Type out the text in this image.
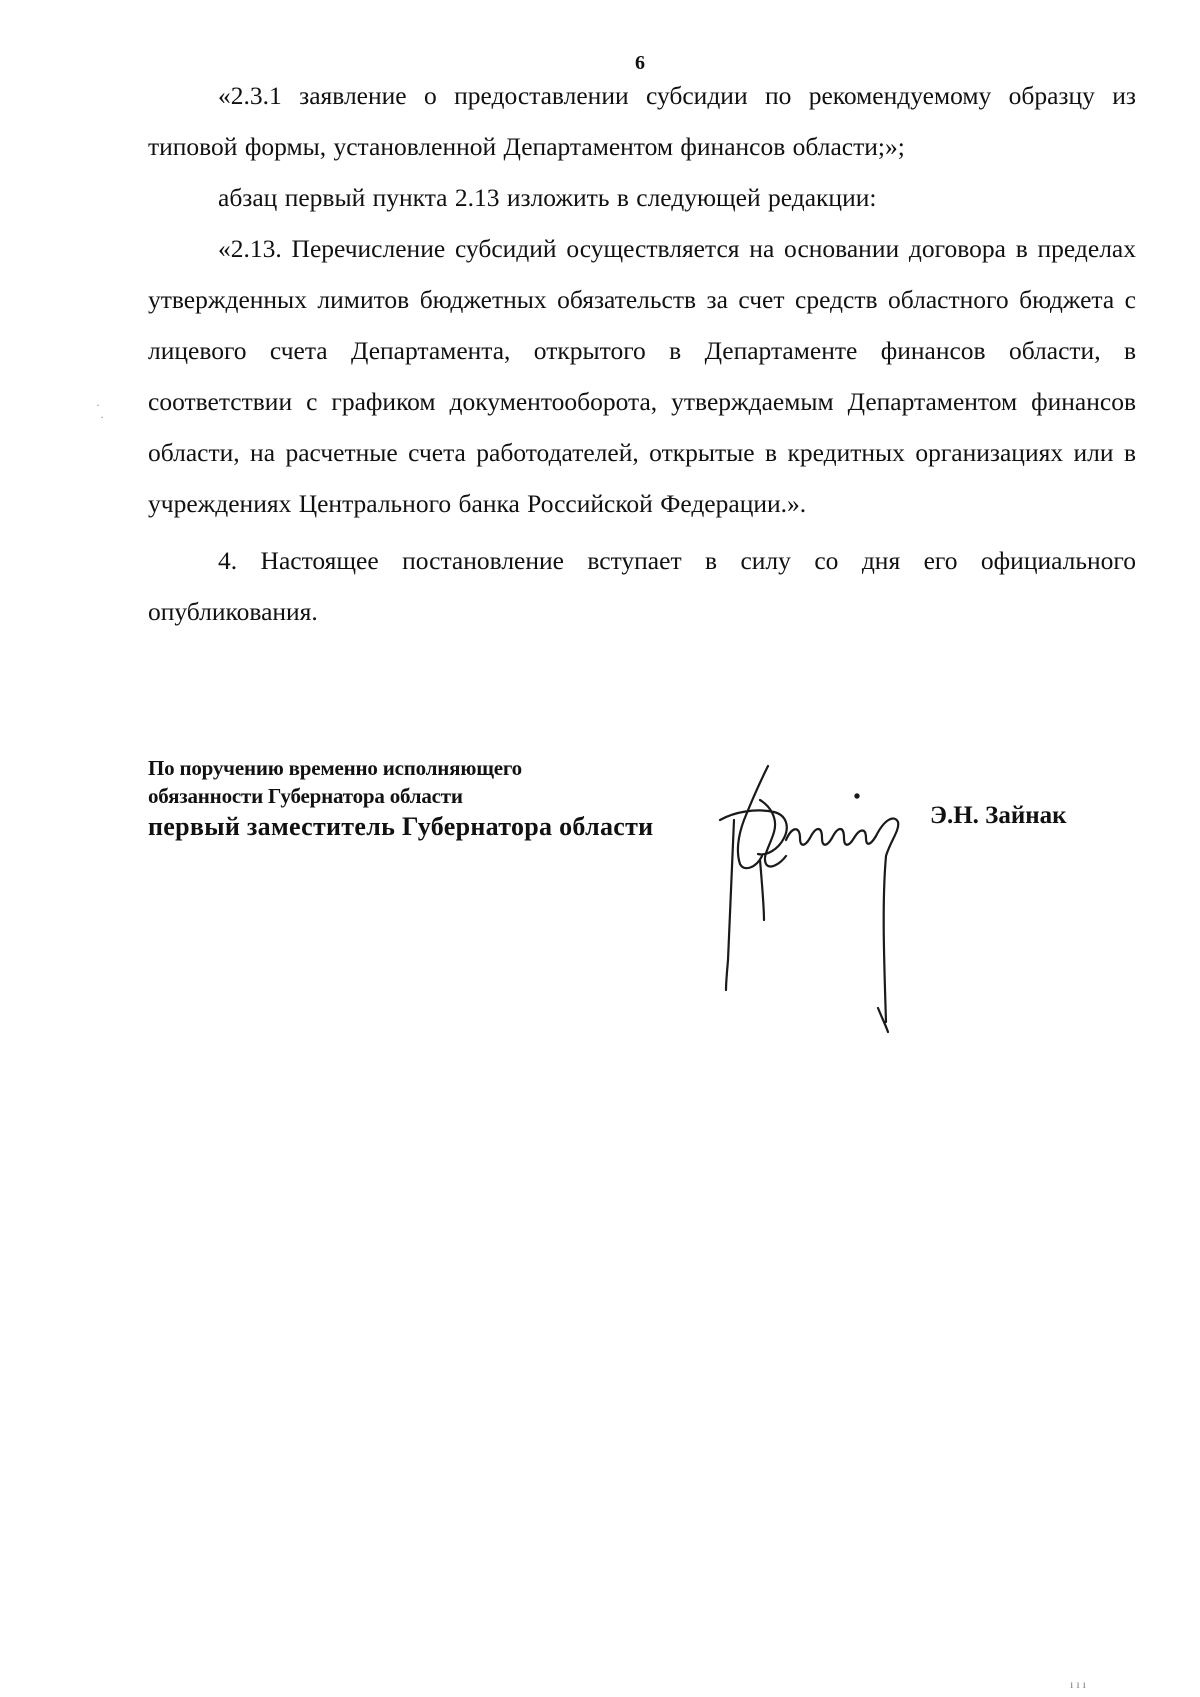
6

«2.3.1 заявление о предоставлении субсидии по рекомендуемому образцу из типовой формы, установленной Департаментом финансов области;»;

абзац первый пункта 2.13 изложить в следующей редакции:

«2.13. Перечисление субсидий осуществляется на основании договора в пределах утвержденных лимитов бюджетных обязательств за счет средств областного бюджета с лицевого счета Департамента, открытого в Департаменте финансов области, в соответствии с графиком документооборота, утверждаемым Департаментом финансов области, на расчетные счета работодателей, открытые в кредитных организациях или в учреждениях Центрального банка Российской Федерации.».

4. Настоящее постановление вступает в силу со дня его официального опубликования.

По поручению временно исполняющего
обязанности Губернатора области
первый заместитель Губернатора области	Э.Н. Зайнак
·
·
ı ı ı
